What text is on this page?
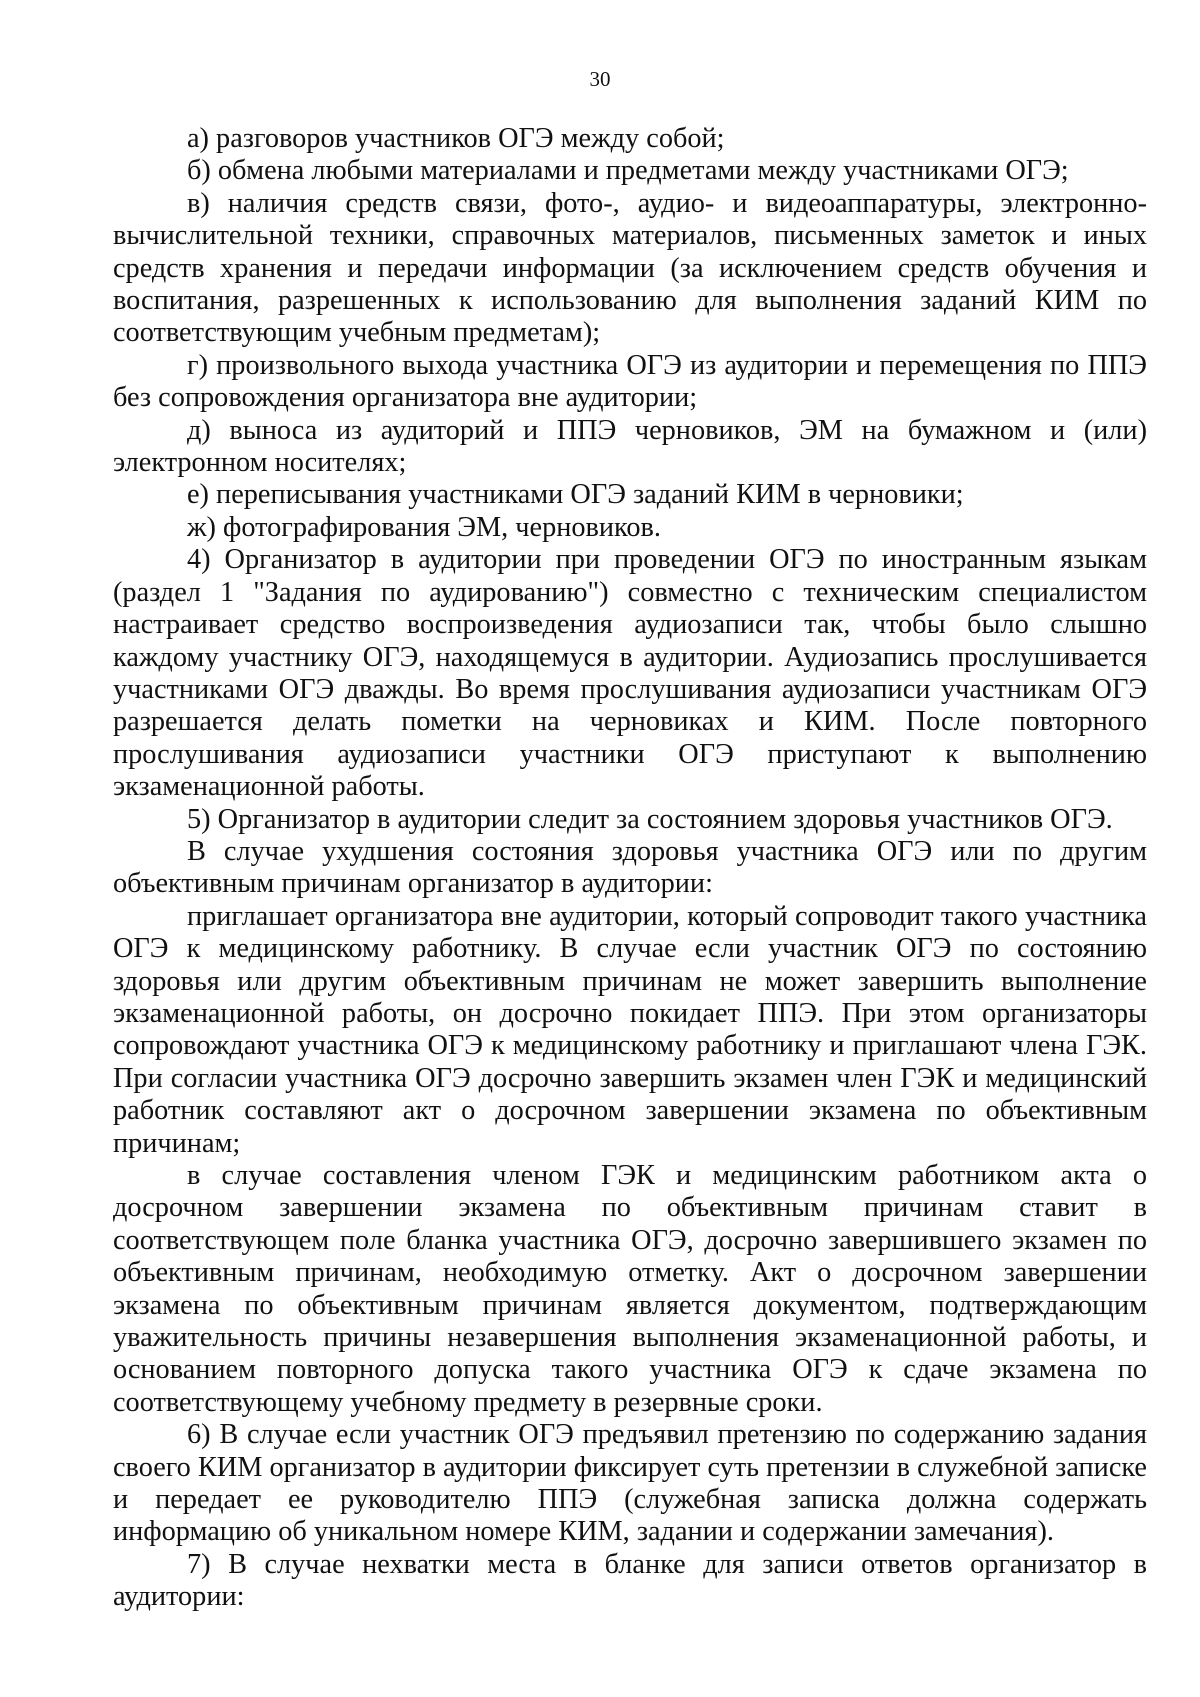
30

а) разговоров участников ОГЭ между собой;

б) обмена любыми материалами и предметами между участниками ОГЭ;

в) наличия средств связи, фото-, аудио- и видеоаппаратуры, электронно-вычислительной техники, справочных материалов, письменных заметок и иных средств хранения и передачи информации (за исключением средств обучения и воспитания, разрешенных к использованию для выполнения заданий КИМ по соответствующим учебным предметам);

г) произвольного выхода участника ОГЭ из аудитории и перемещения по ППЭ без сопровождения организатора вне аудитории;

д) выноса из аудиторий и ППЭ черновиков, ЭМ на бумажном и (или) электронном носителях;

е) переписывания участниками ОГЭ заданий КИМ в черновики;

ж) фотографирования ЭМ, черновиков.

4) Организатор в аудитории при проведении ОГЭ по иностранным языкам (раздел 1 "Задания по аудированию") совместно с техническим специалистом настраивает средство воспроизведения аудиозаписи так, чтобы было слышно каждому участнику ОГЭ, находящемуся в аудитории. Аудиозапись прослушивается участниками ОГЭ дважды. Во время прослушивания аудиозаписи участникам ОГЭ разрешается делать пометки на черновиках и КИМ. После повторного прослушивания аудиозаписи участники ОГЭ приступают к выполнению экзаменационной работы.

5) Организатор в аудитории следит за состоянием здоровья участников ОГЭ.

В случае ухудшения состояния здоровья участника ОГЭ или по другим объективным причинам организатор в аудитории:

приглашает организатора вне аудитории, который сопроводит такого участника ОГЭ к медицинскому работнику. В случае если участник ОГЭ по состоянию здоровья или другим объективным причинам не может завершить выполнение экзаменационной работы, он досрочно покидает ППЭ. При этом организаторы сопровождают участника ОГЭ к медицинскому работнику и приглашают члена ГЭК. При согласии участника ОГЭ досрочно завершить экзамен член ГЭК и медицинский работник составляют акт о досрочном завершении экзамена по объективным причинам;

в случае составления членом ГЭК и медицинским работником акта о досрочном завершении экзамена по объективным причинам ставит в соответствующем поле бланка участника ОГЭ, досрочно завершившего экзамен по объективным причинам, необходимую отметку. Акт о досрочном завершении экзамена по объективным причинам является документом, подтверждающим уважительность причины незавершения выполнения экзаменационной работы, и основанием повторного допуска такого участника ОГЭ к сдаче экзамена по соответствующему учебному предмету в резервные сроки.

6) В случае если участник ОГЭ предъявил претензию по содержанию задания своего КИМ организатор в аудитории фиксирует суть претензии в служебной записке и передает ее руководителю ППЭ (служебная записка должна содержать информацию об уникальном номере КИМ, задании и содержании замечания).

7) В случае нехватки места в бланке для записи ответов организатор в аудитории:
